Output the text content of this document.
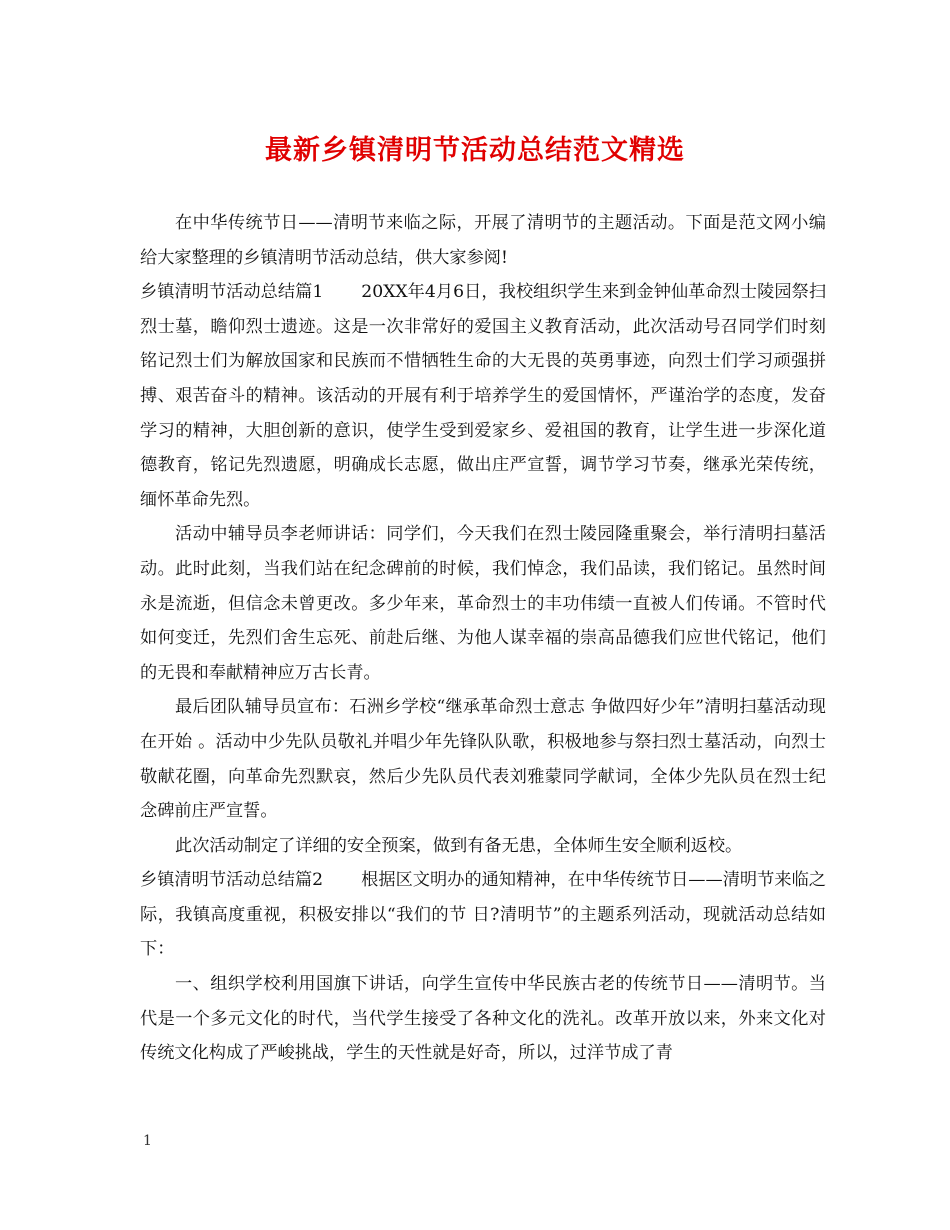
最新乡镇清明节活动总结范文精选

在中华传统节日——清明节来临之际，开展了清明节的主题活动。下面是范文网小编给大家整理的乡镇清明节活动总结，供大家参阅!

乡镇清明节活动总结篇1 20XX年4月6日，我校组织学生来到金钟仙革命烈士陵园祭扫烈士墓，瞻仰烈士遗迹。这是一次非常好的爱国主义教育活动，此次活动号召同学们时刻铭记烈士们为解放国家和民族而不惜牺牲生命的大无畏的英勇事迹，向烈士们学习顽强拼搏、艰苦奋斗的精神。该活动的开展有利于培养学生的爱国情怀，严谨治学的态度，发奋学习的精神，大胆创新的意识，使学生受到爱家乡、爱祖国的教育，让学生进一步深化道德教育，铭记先烈遗愿，明确成长志愿，做出庄严宣誓，调节学习节奏，继承光荣传统，缅怀革命先烈。

活动中辅导员李老师讲话：同学们，今天我们在烈士陵园隆重聚会，举行清明扫墓活动。此时此刻，当我们站在纪念碑前的时候，我们悼念，我们品读，我们铭记。虽然时间永是流逝，但信念未曾更改。多少年来，革命烈士的丰功伟绩一直被人们传诵。不管时代如何变迁，先烈们舍生忘死、前赴后继、为他人谋幸福的崇高品德我们应世代铭记，他们的无畏和奉献精神应万古长青。

最后团队辅导员宣布：石洲乡学校“继承革命烈士意志 争做四好少年”清明扫墓活动现在开始 。活动中少先队员敬礼并唱少年先锋队队歌，积极地参与祭扫烈士墓活动，向烈士敬献花圈，向革命先烈默哀，然后少先队员代表刘雅蒙同学献词，全体少先队员在烈士纪念碑前庄严宣誓。

此次活动制定了详细的安全预案，做到有备无患，全体师生安全顺利返校。

乡镇清明节活动总结篇2 根据区文明办的通知精神，在中华传统节日——清明节来临之际，我镇高度重视，积极安排以“我们的节 日?清明节”的主题系列活动，现就活动总结如下：

一、组织学校利用国旗下讲话，向学生宣传中华民族古老的传统节日——清明节。当代是一个多元文化的时代，当代学生接受了各种文化的洗礼。改革开放以来，外来文化对传统文化构成了严峻挑战，学生的天性就是好奇，所以，过洋节成了青

1
